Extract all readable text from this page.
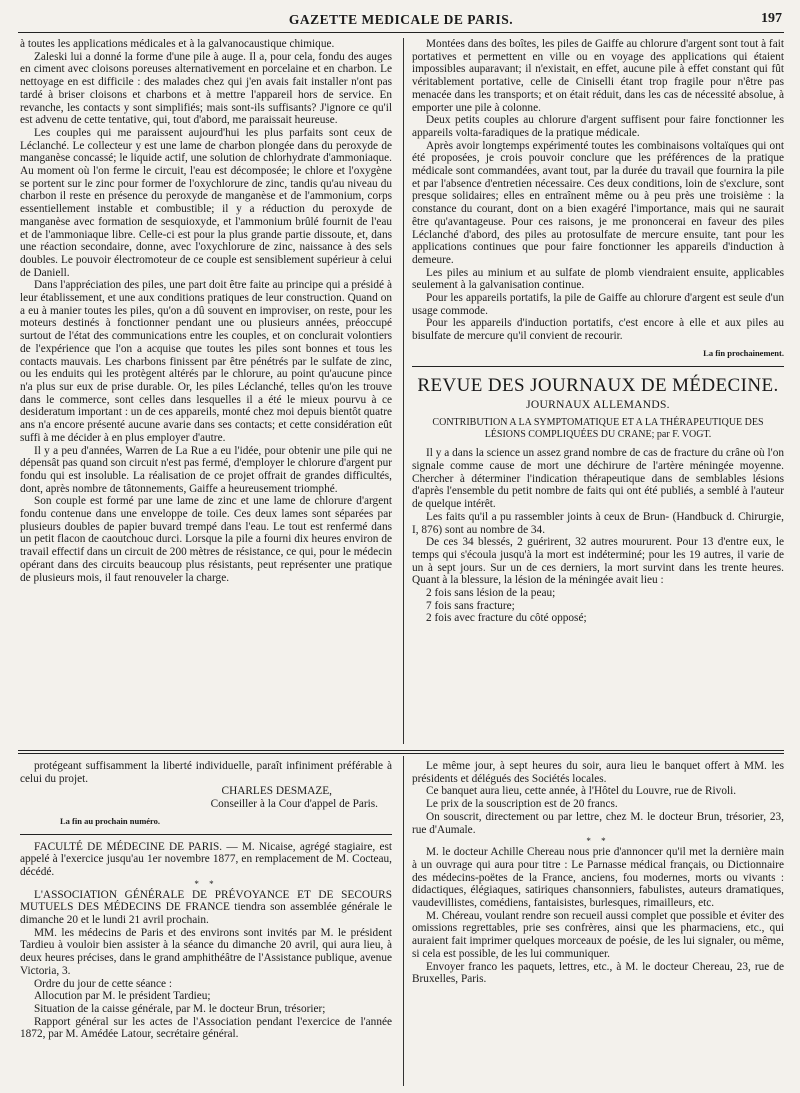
GAZETTE MEDICALE DE PARIS.	197

à toutes les applications médicales et à la galvanocaustique chimique.

Zaleski lui a donné la forme d'une pile à auge. Il a, pour cela, fondu des auges en ciment avec cloisons poreuses alternativement en porcelaine et en charbon. Le nettoyage en est difficile : des malades chez qui j'en avais fait installer n'ont pas tardé à briser cloisons et charbons et à mettre l'appareil hors de service. En revanche, les contacts y sont simplifiés; mais sont-ils suffisants? J'ignore ce qu'il est advenu de cette tentative, qui, tout d'abord, me paraissait heureuse.

Les couples qui me paraissent aujourd'hui les plus parfaits sont ceux de Léclanché. Le collecteur y est une lame de charbon plongée dans du peroxyde de manganèse concassé; le liquide actif, une solution de chlorhydrate d'ammoniaque. Au moment où l'on ferme le circuit, l'eau est décomposée; le chlore et l'oxygène se portent sur le zinc pour former de l'oxychlorure de zinc, tandis qu'au niveau du charbon il reste en présence du peroxyde de manganèse et de l'ammonium, corps essentiellement instable et combustible; il y a réduction du peroxyde de manganèse avec formation de sesquioxyde, et l'ammonium brûlé fournit de l'eau et de l'ammoniaque libre. Celle-ci est pour la plus grande partie dissoute, et, dans une réaction secondaire, donne, avec l'oxychlorure de zinc, naissance à des sels doubles. Le pouvoir électromoteur de ce couple est sensiblement supérieur à celui de Daniell.

Dans l'appréciation des piles, une part doit être faite au principe qui a présidé à leur établissement, et une aux conditions pratiques de leur construction. Quand on a eu à manier toutes les piles, qu'on a dû souvent en improviser, on reste, pour les moteurs destinés à fonctionner pendant une ou plusieurs années, préoccupé surtout de l'état des communications entre les couples, et on conclurait volontiers de l'expérience que l'on a acquise que toutes les piles sont bonnes et tous les contacts mauvais. Les charbons finissent par être pénétrés par le sulfate de zinc, ou les enduits qui les protègent altérés par le chlorure, au point qu'aucune pince n'a plus sur eux de prise durable. Or, les piles Léclanché, telles qu'on les trouve dans le commerce, sont celles dans lesquelles il a été le mieux pourvu à ce desideratum important : un de ces appareils, monté chez moi depuis bientôt quatre ans n'a encore présenté aucune avarie dans ses contacts; et cette considération eût suffi à me décider à en plus employer d'autre.

Il y a peu d'années, Warren de La Rue a eu l'idée, pour obtenir une pile qui ne dépensât pas quand son circuit n'est pas fermé, d'employer le chlorure d'argent pur fondu qui est insoluble. La réalisation de ce projet offrait de grandes difficultés, dont, après nombre de tâtonnements, Gaiffe a heureusement triomphé.

Son couple est formé par une lame de zinc et une lame de chlorure d'argent fondu contenue dans une enveloppe de toile. Ces deux lames sont séparées par plusieurs doubles de papier buvard trempé dans l'eau. Le tout est renfermé dans un petit flacon de caoutchouc durci. Lorsque la pile a fourni dix heures environ de travail effectif dans un circuit de 200 mètres de résistance, ce qui, pour le médecin opérant dans des circuits beaucoup plus résistants, peut représenter une pratique de plusieurs mois, il faut renouveler la charge.

Montées dans des boîtes, les piles de Gaiffe au chlorure d'argent sont tout à fait portatives et permettent en ville ou en voyage des applications qui étaient impossibles auparavant; il n'existait, en effet, aucune pile à effet constant qui fût véritablement portative, celle de Ciniselli étant trop fragile pour n'être pas menacée dans les transports; et on était réduit, dans les cas de nécessité absolue, à emporter une pile à colonne.

Deux petits couples au chlorure d'argent suffisent pour faire fonctionner les appareils volta-faradiques de la pratique médicale.

Après avoir longtemps expérimenté toutes les combinaisons voltaïques qui ont été proposées, je crois pouvoir conclure que les préférences de la pratique médicale sont commandées, avant tout, par la durée du travail que fournira la pile et par l'absence d'entretien nécessaire. Ces deux conditions, loin de s'exclure, sont presque solidaires; elles en entraînent même ou à peu près une troisième : la constance du courant, dont on a bien exagéré l'importance, mais qui ne saurait être qu'avantageuse. Pour ces raisons, je me prononcerai en faveur des piles Léclanché d'abord, des piles au protosulfate de mercure ensuite, tant pour les applications continues que pour faire fonctionner les appareils d'induction à demeure.

Les piles au minium et au sulfate de plomb viendraient ensuite, applicables seulement à la galvanisation continue.

Pour les appareils portatifs, la pile de Gaiffe au chlorure d'argent est seule d'un usage commode.

Pour les appareils d'induction portatifs, c'est encore à elle et aux piles au bisulfate de mercure qu'il convient de recourir.

La fin prochainement.
REVUE DES JOURNAUX DE MÉDECINE.
JOURNAUX ALLEMANDS.
CONTRIBUTION A LA SYMPTOMATIQUE ET A LA THÉRAPEUTIQUE DES LÉSIONS COMPLIQUÉES DU CRANE; par F. VOGT.

Il y a dans la science un assez grand nombre de cas de fracture du crâne où l'on signale comme cause de mort une déchirure de l'artère méningée moyenne. Chercher à déterminer l'indication thérapeutique dans de semblables lésions d'après l'ensemble du petit nombre de faits qui ont été publiés, a semblé à l'auteur de quelque intérêt.

Les faits qu'il a pu rassembler joints à ceux de Brun- (Handbuck d. Chirurgie, I, 876) sont au nombre de 34.

De ces 34 blessés, 2 guérirent, 32 autres moururent. Pour 13 d'entre eux, le temps qui s'écoula jusqu'à la mort est indéterminé; pour les 19 autres, il varie de un à sept jours. Sur un de ces derniers, la mort survint dans les trente heures. Quant à la blessure, la lésion de la méningée avait lieu :

2 fois sans lésion de la peau;

7 fois sans fracture;

2 fois avec fracture du côté opposé;

protégeant suffisamment la liberté individuelle, paraît infiniment préférable à celui du projet.

CHARLES DESMAZE,
Conseiller à la Cour d'appel de Paris.
La fin au prochain numéro.

FACULTÉ DE MÉDECINE DE PARIS. — M. Nicaise, agrégé stagiaire, est appelé à l'exercice jusqu'au 1er novembre 1877, en remplacement de M. Cocteau, décédé.

* *

L'ASSOCIATION GÉNÉRALE DE PRÉVOYANCE ET DE SECOURS MUTUELS DES MÉDECINS DE FRANCE tiendra son assemblée générale le dimanche 20 et le lundi 21 avril prochain.

MM. les médecins de Paris et des environs sont invités par M. le président Tardieu à vouloir bien assister à la séance du dimanche 20 avril, qui aura lieu, à deux heures précises, dans le grand amphithéâtre de l'Assistance publique, avenue Victoria, 3.

Ordre du jour de cette séance :

Allocution par M. le président Tardieu;

Situation de la caisse générale, par M. le docteur Brun, trésorier;

Rapport général sur les actes de l'Association pendant l'exercice de l'année 1872, par M. Amédée Latour, secrétaire général.

Le même jour, à sept heures du soir, aura lieu le banquet offert à MM. les présidents et délégués des Sociétés locales.

Ce banquet aura lieu, cette année, à l'Hôtel du Louvre, rue de Rivoli.

Le prix de la souscription est de 20 francs.

On souscrit, directement ou par lettre, chez M. le docteur Brun, trésorier, 23, rue d'Aumale.

* *

M. le docteur Achille Chereau nous prie d'annoncer qu'il met la dernière main à un ouvrage qui aura pour titre : Le Parnasse médical français, ou Dictionnaire des médecins-poëtes de la France, anciens, fou modernes, morts ou vivants : didactiques, élégiaques, satiriques chansonniers, fabulistes, auteurs dramatiques, vaudevillistes, comédiens, fantaisistes, burlesques, rimailleurs, etc.

M. Chéreau, voulant rendre son recueil aussi complet que possible et éviter des omissions regrettables, prie ses confrères, ainsi que les pharmaciens, etc., qui auraient fait imprimer quelques morceaux de poésie, de les lui signaler, ou même, si cela est possible, de les lui communiquer.

Envoyer franco les paquets, lettres, etc., à M. le docteur Chereau, 23, rue de Bruxelles, Paris.
